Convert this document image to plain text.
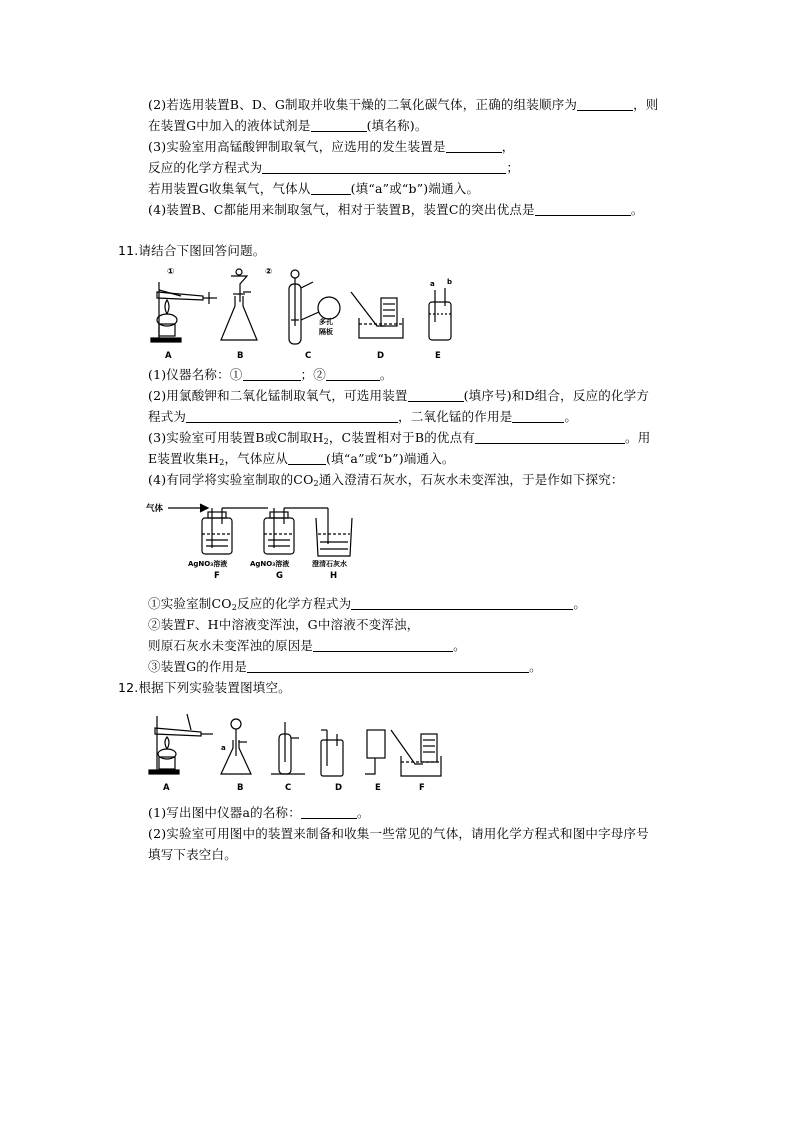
(2)若选用装置B、D、G制取并收集干燥的二氧化碳气体，正确的组装顺序为	，则
在装置G中加入的液体试剂是	(填名称)。
(3)实验室用高锰酸钾制取氧气，应选用的发生装置是	，
反应的化学方程式为	；
若用装置G收集氧气，气体从	(填“a”或“b”)端通入。
(4)装置B、C都能用来制取氢气，相对于装置B，装置C的突出优点是	。
11.请结合下图回答问题。
A	B	C	D	E
①	②
多孔
隔板
a b
(1)仪器名称：①	；②	。
(2)用氯酸钾和二氧化锰制取氧气，可选用装置	(填序号)和D组合，反应的化学方
程式为	，二氧化锰的作用是	。
(3)实验室可用装置B或C制取$H_2$，C装置相对于B的优点有	。用
E装置收集$H_2$，气体应从	(填“a”或“b”)端通入。
(4)有同学将实验室制取的$CO_2$通入澄清石灰水，石灰水未变浑浊，于是作如下探究：
气体
AgNO₃溶液	AgNO₃溶液	澄清石灰水
F	G	H
①实验室制$CO_2$反应的化学方程式为	。
②装置F、H中溶液变浑浊，G中溶液不变浑浊，
则原石灰水未变浑浊的原因是	。
③装置G的作用是	。
12.根据下列实验装置图填空。
a
A	B	C	D	E	F
(1)写出图中仪器a的名称：	。
(2)实验室可用图中的装置来制备和收集一些常见的气体，请用化学方程式和图中字母序号
填写下表空白。
